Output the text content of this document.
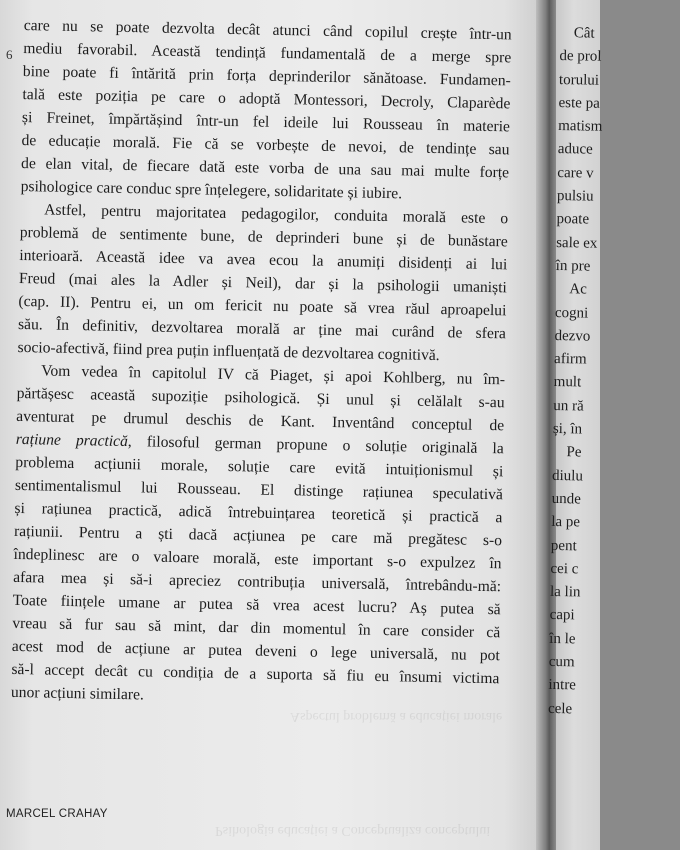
6
care nu se poate dezvolta decât atunci când copilul crește într-un
mediu favorabil. Această tendință fundamentală de a merge spre
bine poate fi întărită prin forța deprinderilor sănătoase. Fundamen-
tală este poziția pe care o adoptă Montessori, Decroly, Claparède
și Freinet, împărtășind într-un fel ideile lui Rousseau în materie
de educație morală. Fie că se vorbește de nevoi, de tendințe sau
de elan vital, de fiecare dată este vorba de una sau mai multe forțe
psihologice care conduc spre înțelegere, solidaritate și iubire.
Astfel, pentru majoritatea pedagogilor, conduita morală este o
problemă de sentimente bune, de deprinderi bune și de bunăstare
interioară. Această idee va avea ecou la anumiți disidenți ai lui
Freud (mai ales la Adler și Neil), dar și la psihologii umaniști
(cap. II). Pentru ei, un om fericit nu poate să vrea răul aproapelui
său. În definitiv, dezvoltarea morală ar ține mai curând de sfera
socio-afectivă, fiind prea puțin influențată de dezvoltarea cognitivă.
Vom vedea în capitolul IV că Piaget, și apoi Kohlberg, nu îm-
părtășesc această supoziție psihologică. Și unul și celălalt s-au
aventurat pe drumul deschis de Kant. Inventând conceptul de
rațiune practică, filosoful german propune o soluție originală la
problema acțiunii morale, soluție care evită intuiționismul și
sentimentalismul lui Rousseau. El distinge rațiunea speculativă
și rațiunea practică, adică întrebuințarea teoretică și practică a
rațiunii. Pentru a ști dacă acțiunea pe care mă pregătesc s-o
îndeplinesc are o valoare morală, este important s-o expulzez în
afara mea și să-i apreciez contribuția universală, întrebându-mă:
Toate ființele umane ar putea să vrea acest lucru? Aș putea să
vreau să fur sau să mint, dar din momentul în care consider că
acest mod de acțiune ar putea deveni o lege universală, nu pot
să-l accept decât cu condiția de a suporta să fiu eu însumi victima
unor acțiuni similare.
Aspectul problemă a educației morale
Psihologia educației a Conceptualiza conceptului
MARCEL CRAHAY
Cât
de prol
torului
este pa
matism
aduce
care v
pulsiu
poate
sale ex
în pre
Ac
cogni
dezvo
afirm
mult
un ră
și, în
Pe
diulu
unde
la pe
pent
cei c
la lin
capi
în le
cum
intre
cele
